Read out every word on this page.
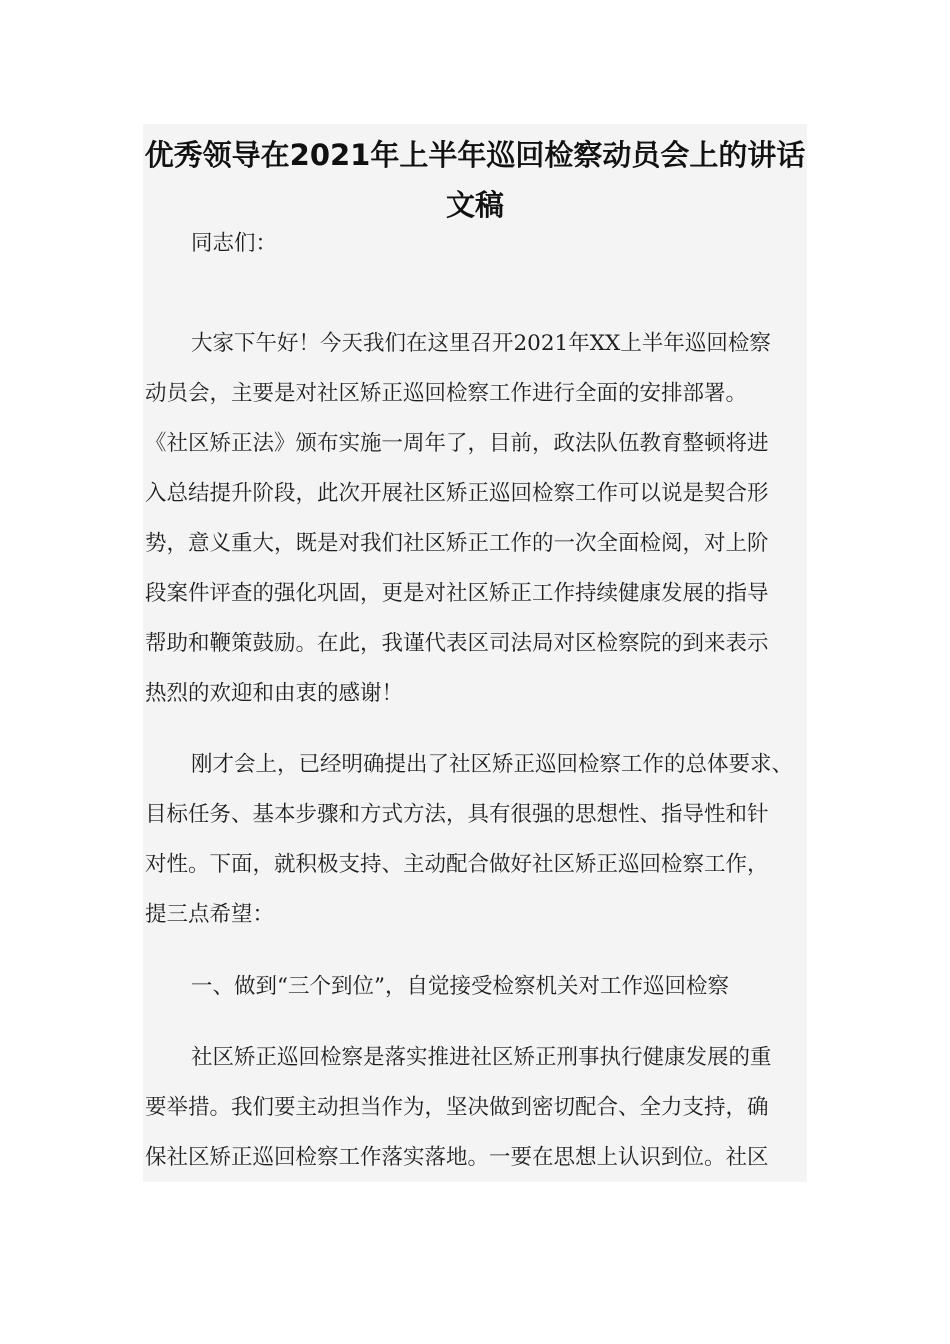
优秀领导在2021年上半年巡回检察动员会上的讲话
文稿

同志们：

大家下午好！今天我们在这里召开2021年XX上半年巡回检察
动员会，主要是对社区矫正巡回检察工作进行全面的安排部署。
《社区矫正法》颁布实施一周年了，目前，政法队伍教育整顿将进
入总结提升阶段，此次开展社区矫正巡回检察工作可以说是契合形
势，意义重大，既是对我们社区矫正工作的一次全面检阅，对上阶
段案件评查的强化巩固，更是对社区矫正工作持续健康发展的指导
帮助和鞭策鼓励。在此，我谨代表区司法局对区检察院的到来表示
热烈的欢迎和由衷的感谢！

刚才会上，已经明确提出了社区矫正巡回检察工作的总体要求、
目标任务、基本步骤和方式方法，具有很强的思想性、指导性和针
对性。下面，就积极支持、主动配合做好社区矫正巡回检察工作，
提三点希望：

一、做到“三个到位”，自觉接受检察机关对工作巡回检察

社区矫正巡回检察是落实推进社区矫正刑事执行健康发展的重
要举措。我们要主动担当作为，坚决做到密切配合、全力支持，确
保社区矫正巡回检察工作落实落地。一要在思想上认识到位。社区
